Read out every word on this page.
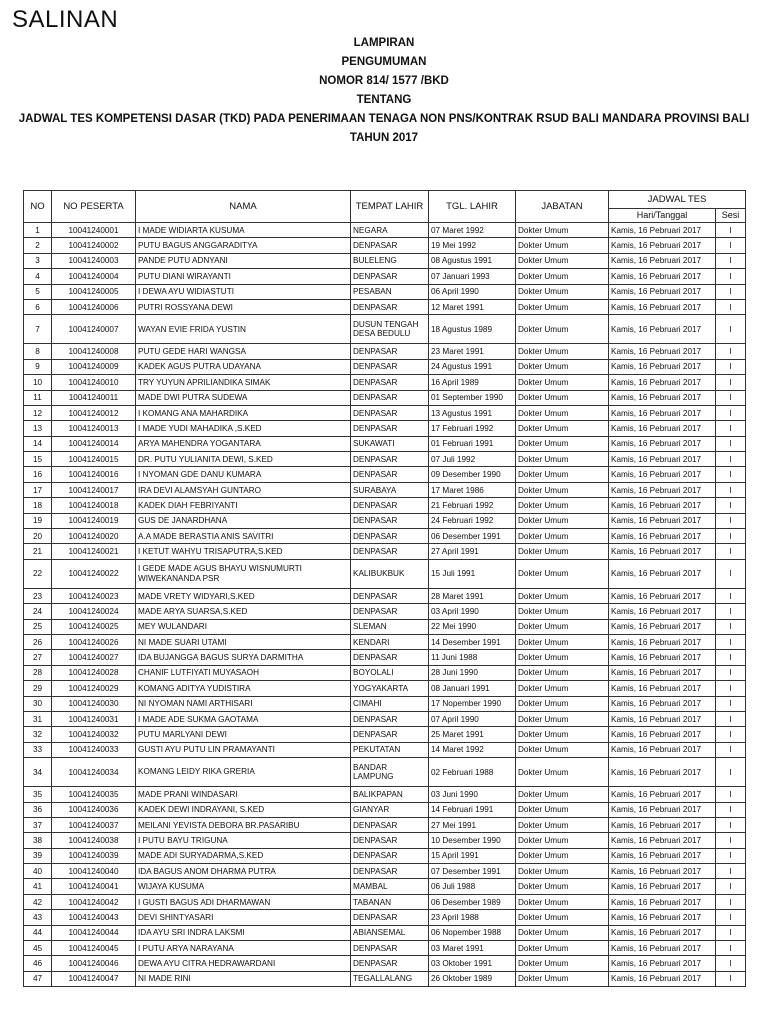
SALINAN
LAMPIRAN
PENGUMUMAN
NOMOR 814/ 1577 /BKD
TENTANG
JADWAL TES KOMPETENSI DASAR (TKD) PADA PENERIMAAN TENAGA NON PNS/KONTRAK RSUD BALI MANDARA PROVINSI BALI
TAHUN 2017
NO	NO PESERTA	NAMA	TEMPAT LAHIR	TGL. LAHIR	JABATAN	JADWAL TES	
						Hari/Tanggal	Sesi
1	10041240001	I MADE WIDIARTA KUSUMA	NEGARA	07 Maret 1992	Dokter Umum	Kamis, 16 Pebruari 2017	I
2	10041240002	PUTU BAGUS ANGGARADITYA	DENPASAR	19 Mei 1992	Dokter Umum	Kamis, 16 Pebruari 2017	I
3	10041240003	PANDE PUTU ADNYANI	BULELENG	08 Agustus 1991	Dokter Umum	Kamis, 16 Pebruari 2017	I
4	10041240004	PUTU DIANI WIRAYANTI	DENPASAR	07 Januari 1993	Dokter Umum	Kamis, 16 Pebruari 2017	I
5	10041240005	I DEWA AYU WIDIASTUTI	PESABAN	06 April 1990	Dokter Umum	Kamis, 16 Pebruari 2017	I
6	10041240006	PUTRI ROSSYANA DEWI	DENPASAR	12 Maret 1991	Dokter Umum	Kamis, 16 Pebruari 2017	I
7	10041240007	WAYAN EVIE FRIDA YUSTIN	DUSUN TENGAH DESA BEDULU	18 Agustus 1989	Dokter Umum	Kamis, 16 Pebruari 2017	I
8	10041240008	PUTU GEDE HARI WANGSA	DENPASAR	23 Maret 1991	Dokter Umum	Kamis, 16 Pebruari 2017	I
9	10041240009	KADEK AGUS PUTRA UDAYANA	DENPASAR	24 Agustus 1991	Dokter Umum	Kamis, 16 Pebruari 2017	I
10	10041240010	TRY YUYUN APRILIANDIKA SIMAK	DENPASAR	16 April 1989	Dokter Umum	Kamis, 16 Pebruari 2017	I
11	10041240011	MADE DWI PUTRA SUDEWA	DENPASAR	01 September 1990	Dokter Umum	Kamis, 16 Pebruari 2017	I
12	10041240012	I KOMANG ANA MAHARDIKA	DENPASAR	13 Agustus 1991	Dokter Umum	Kamis, 16 Pebruari 2017	I
13	10041240013	I MADE YUDI MAHADIKA ,S.KED	DENPASAR	17 Februari 1992	Dokter Umum	Kamis, 16 Pebruari 2017	I
14	10041240014	ARYA MAHENDRA YOGANTARA	SUKAWATI	01 Februari 1991	Dokter Umum	Kamis, 16 Pebruari 2017	I
15	10041240015	DR. PUTU YULIANITA DEWI, S.KED	DENPASAR	07 Juli 1992	Dokter Umum	Kamis, 16 Pebruari 2017	I
16	10041240016	I NYOMAN GDE DANU KUMARA	DENPASAR	09 Desember 1990	Dokter Umum	Kamis, 16 Pebruari 2017	I
17	10041240017	IRA DEVI ALAMSYAH GUNTARO	SURABAYA	17 Maret 1986	Dokter Umum	Kamis, 16 Pebruari 2017	I
18	10041240018	KADEK DIAH FEBRIYANTI	DENPASAR	21 Februari 1992	Dokter Umum	Kamis, 16 Pebruari 2017	I
19	10041240019	GUS DE JANARDHANA	DENPASAR	24 Februari 1992	Dokter Umum	Kamis, 16 Pebruari 2017	I
20	10041240020	A.A MADE BERASTIA ANIS SAVITRI	DENPASAR	06 Desember 1991	Dokter Umum	Kamis, 16 Pebruari 2017	I
21	10041240021	I KETUT WAHYU TRISAPUTRA,S.KED	DENPASAR	27 April 1991	Dokter Umum	Kamis, 16 Pebruari 2017	I
22	10041240022	I GEDE MADE AGUS BHAYU WISNUMURTI WIWEKANANDA PSR	KALIBUKBUK	15 Juli 1991	Dokter Umum	Kamis, 16 Pebruari 2017	I
23	10041240023	MADE VRETY WIDYARI,S.KED	DENPASAR	28 Maret 1991	Dokter Umum	Kamis, 16 Pebruari 2017	I
24	10041240024	MADE ARYA SUARSA,S.KED	DENPASAR	03 April 1990	Dokter Umum	Kamis, 16 Pebruari 2017	I
25	10041240025	MEY WULANDARI	SLEMAN	22 Mei 1990	Dokter Umum	Kamis, 16 Pebruari 2017	I
26	10041240026	NI MADE SUARI UTAMI	KENDARI	14 Desember 1991	Dokter Umum	Kamis, 16 Pebruari 2017	I
27	10041240027	IDA BUJANGGA BAGUS SURYA DARMITHA	DENPASAR	11 Juni 1988	Dokter Umum	Kamis, 16 Pebruari 2017	I
28	10041240028	CHANIF LUTFIYATI MUYASAOH	BOYOLALI	28 Juni 1990	Dokter Umum	Kamis, 16 Pebruari 2017	I
29	10041240029	KOMANG ADITYA YUDISTIRA	YOGYAKARTA	08 Januari 1991	Dokter Umum	Kamis, 16 Pebruari 2017	I
30	10041240030	NI NYOMAN NAMI ARTHISARI	CIMAHI	17 Nopember 1990	Dokter Umum	Kamis, 16 Pebruari 2017	I
31	10041240031	I MADE ADE SUKMA GAOTAMA	DENPASAR	07 April 1990	Dokter Umum	Kamis, 16 Pebruari 2017	I
32	10041240032	PUTU MARLYANI DEWI	DENPASAR	25 Maret 1991	Dokter Umum	Kamis, 16 Pebruari 2017	I
33	10041240033	GUSTI AYU PUTU LIN PRAMAYANTI	PEKUTATAN	14 Maret 1992	Dokter Umum	Kamis, 16 Pebruari 2017	I
34	10041240034	KOMANG LEIDY RIKA GRERIA	BANDAR LAMPUNG	02 Februari 1988	Dokter Umum	Kamis, 16 Pebruari 2017	I
35	10041240035	MADE PRANI WINDASARI	BALIKPAPAN	03 Juni 1990	Dokter Umum	Kamis, 16 Pebruari 2017	I
36	10041240036	KADEK DEWI INDRAYANI, S.KED	GIANYAR	14 Februari 1991	Dokter Umum	Kamis, 16 Pebruari 2017	I
37	10041240037	MEILANI YEVISTA DEBORA BR.PASARIBU	DENPASAR	27 Mei 1991	Dokter Umum	Kamis, 16 Pebruari 2017	I
38	10041240038	I PUTU BAYU TRIGUNA	DENPASAR	10 Desember 1990	Dokter Umum	Kamis, 16 Pebruari 2017	I
39	10041240039	MADE ADI SURYADARMA,S.KED	DENPASAR	15 April 1991	Dokter Umum	Kamis, 16 Pebruari 2017	I
40	10041240040	IDA BAGUS ANOM DHARMA PUTRA	DENPASAR	07 Desember 1991	Dokter Umum	Kamis, 16 Pebruari 2017	I
41	10041240041	WIJAYA KUSUMA	MAMBAL	06 Juli 1988	Dokter Umum	Kamis, 16 Pebruari 2017	I
42	10041240042	I GUSTI BAGUS ADI DHARMAWAN	TABANAN	06 Desember 1989	Dokter Umum	Kamis, 16 Pebruari 2017	I
43	10041240043	DEVI SHINTYASARI	DENPASAR	23 April 1988	Dokter Umum	Kamis, 16 Pebruari 2017	I
44	10041240044	IDA AYU SRI INDRA LAKSMI	ABIANSEMAL	06 Nopember 1988	Dokter Umum	Kamis, 16 Pebruari 2017	I
45	10041240045	I PUTU ARYA NARAYANA	DENPASAR	03 Maret 1991	Dokter Umum	Kamis, 16 Pebruari 2017	I
46	10041240046	DEWA AYU CITRA HEDRAWARDANI	DENPASAR	03 Oktober 1991	Dokter Umum	Kamis, 16 Pebruari 2017	I
47	10041240047	NI MADE RINI	TEGALLALANG	26 Oktober 1989	Dokter Umum	Kamis, 16 Pebruari 2017	I
